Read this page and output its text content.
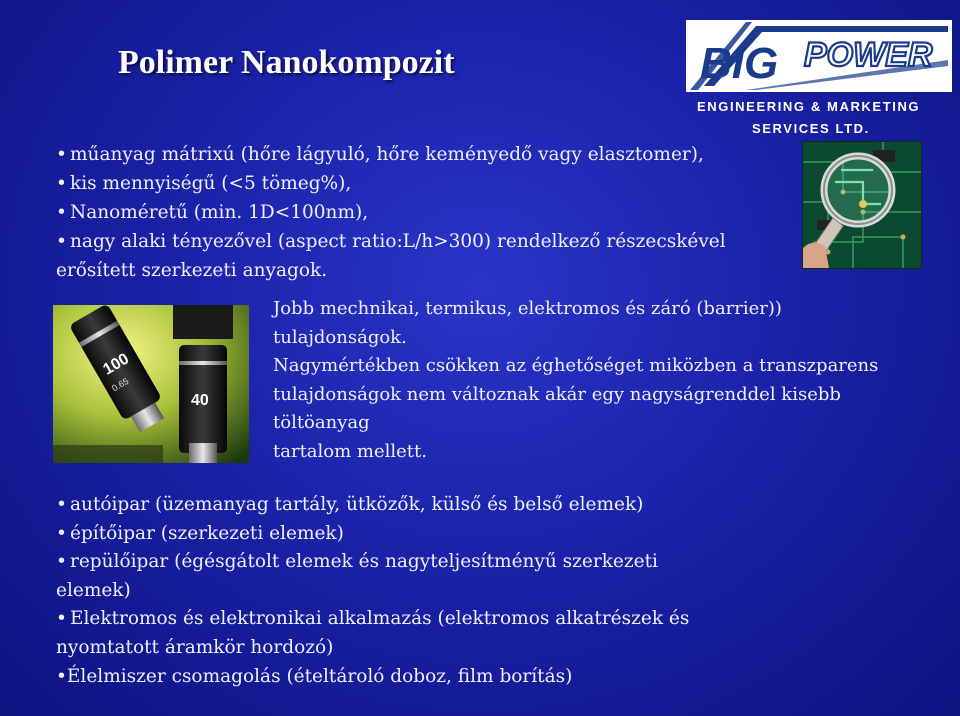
Polimer Nanokompozit	BIG POWER
ENGINEERING & MARKETING
SERVICES LTD.
• műanyag mátrixú (hőre lágyuló, hőre keményedő vagy elasztomer),
• kis mennyiségű (<5 tömeg%),
• Nanoméretű (min. 1D<100nm),
• nagy alaki tényezővel (aspect ratio:L/h>300) rendelkező részecskével
erősített szerkezeti anyagok.
100
0.65
40
Jobb mechnikai, termikus, elektromos és záró (barrier))
tulajdonságok.
Nagymértékben csökken az éghetőséget miközben a transzparens
tulajdonságok nem változnak akár egy nagyságrenddel kisebb
töltöanyag
tartalom mellett.
• autóipar (üzemanyag tartály, ütközők, külső és belső elemek)
• építőipar (szerkezeti elemek)
• repülőipar (égésgátolt elemek és nagyteljesítményű szerkezeti
elemek)
• Elektromos és elektronikai alkalmazás (elektromos alkatrészek és
nyomtatott áramkör hordozó)
•Élelmiszer csomagolás (ételtároló doboz, film borítás)
